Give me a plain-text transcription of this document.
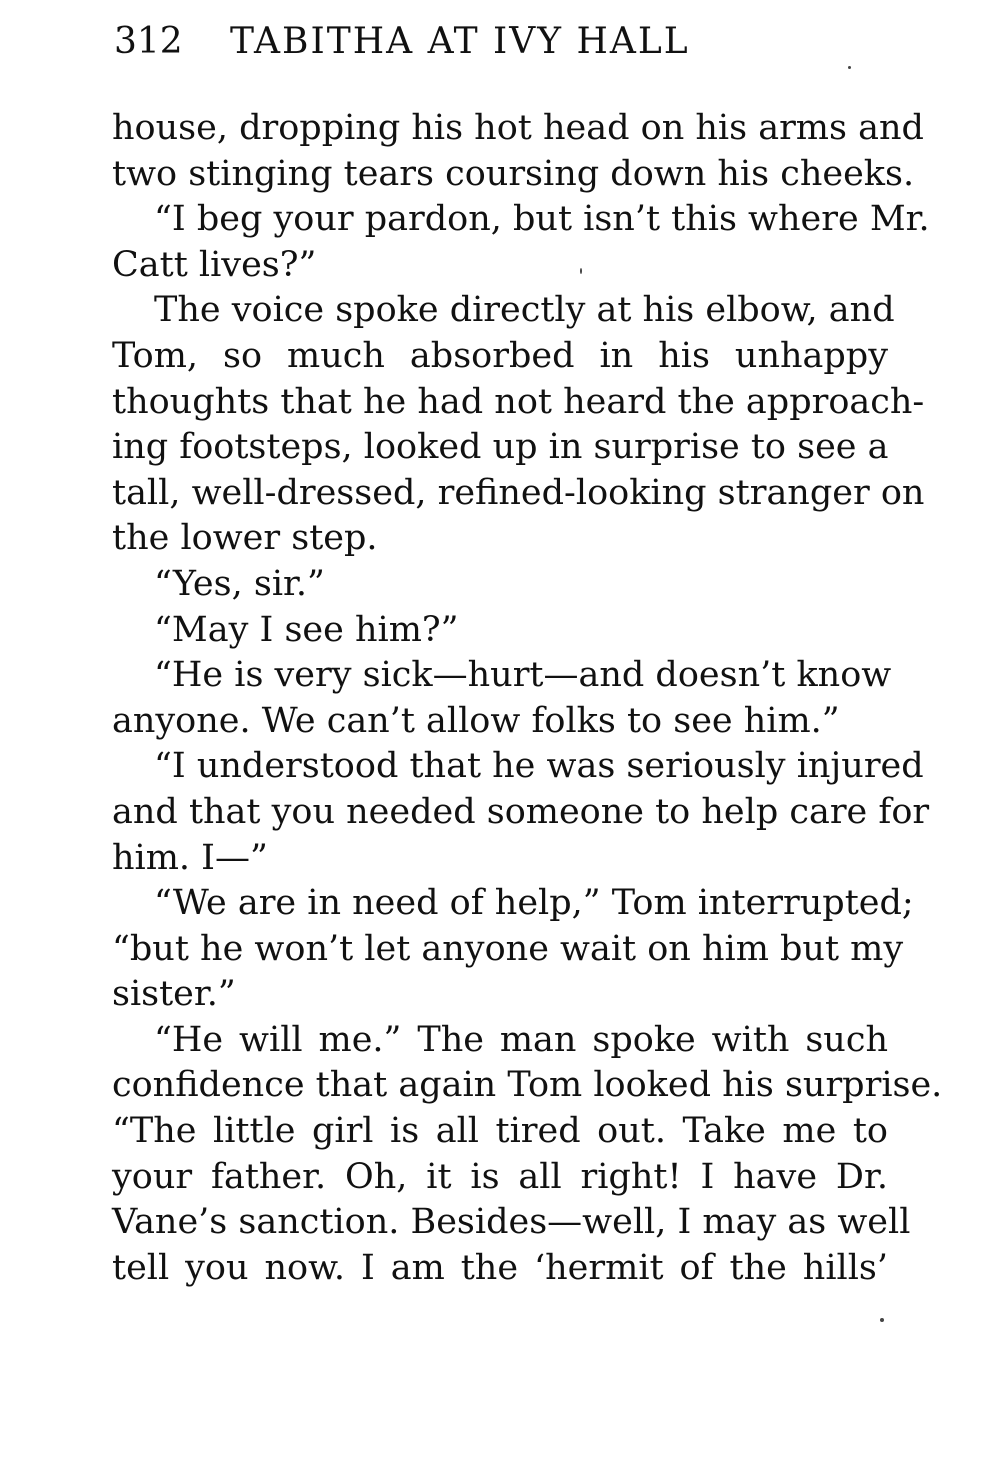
312 TABITHA AT IVY HALL
house, dropping his hot head on his arms and
two stinging tears coursing down his cheeks.
“I beg your pardon, but isn’t this where Mr.
Catt lives?”
The voice spoke directly at his elbow, and
Tom, so much absorbed in his unhappy
thoughts that he had not heard the approach-
ing footsteps, looked up in surprise to see a
tall, well-dressed, refined-looking stranger on
the lower step.
“Yes, sir.”
“May I see him?”
“He is very sick—hurt—and doesn’t know
anyone. We can’t allow folks to see him.”
“I understood that he was seriously injured
and that you needed someone to help care for
him. I—”
“We are in need of help,” Tom interrupted;
“but he won’t let anyone wait on him but my
sister.”
“He will me.” The man spoke with such
confidence that again Tom looked his surprise.
“The little girl is all tired out. Take me to
your father. Oh, it is all right! I have Dr.
Vane’s sanction. Besides—well, I may as well
tell you now. I am the ‘hermit of the hills’
